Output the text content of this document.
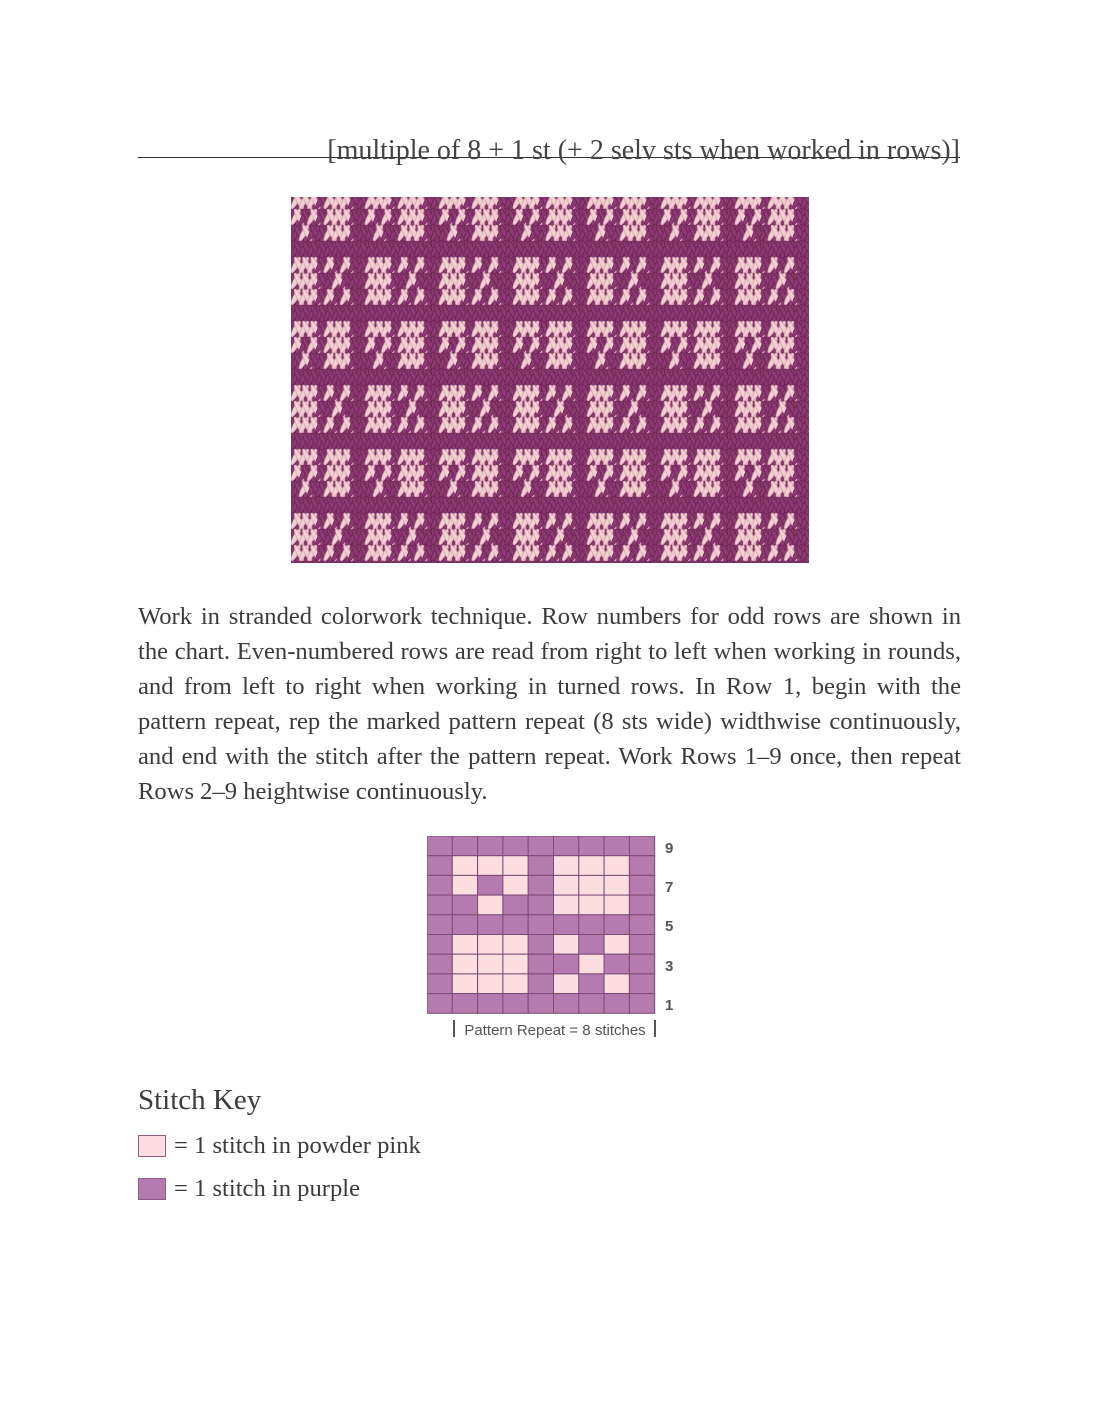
[multiple of 8 + 1 st (+ 2 selv sts when worked in rows)]

Work in stranded colorwork technique. Row numbers for odd rows are shown in the chart. Even-numbered rows are read from right to left when working in rounds, and from left to right when working in turned rows. In Row 1, begin with the pattern repeat, rep the marked pattern repeat (8 sts wide) widthwise continuously, and end with the stitch after the pattern repeat. Work Rows 1–9 once, then repeat Rows 2–9 heightwise continuously.

9
7
5
3
1
Pattern Repeat = 8 stitches
Stitch Key
= 1 stitch in powder pink
= 1 stitch in purple
